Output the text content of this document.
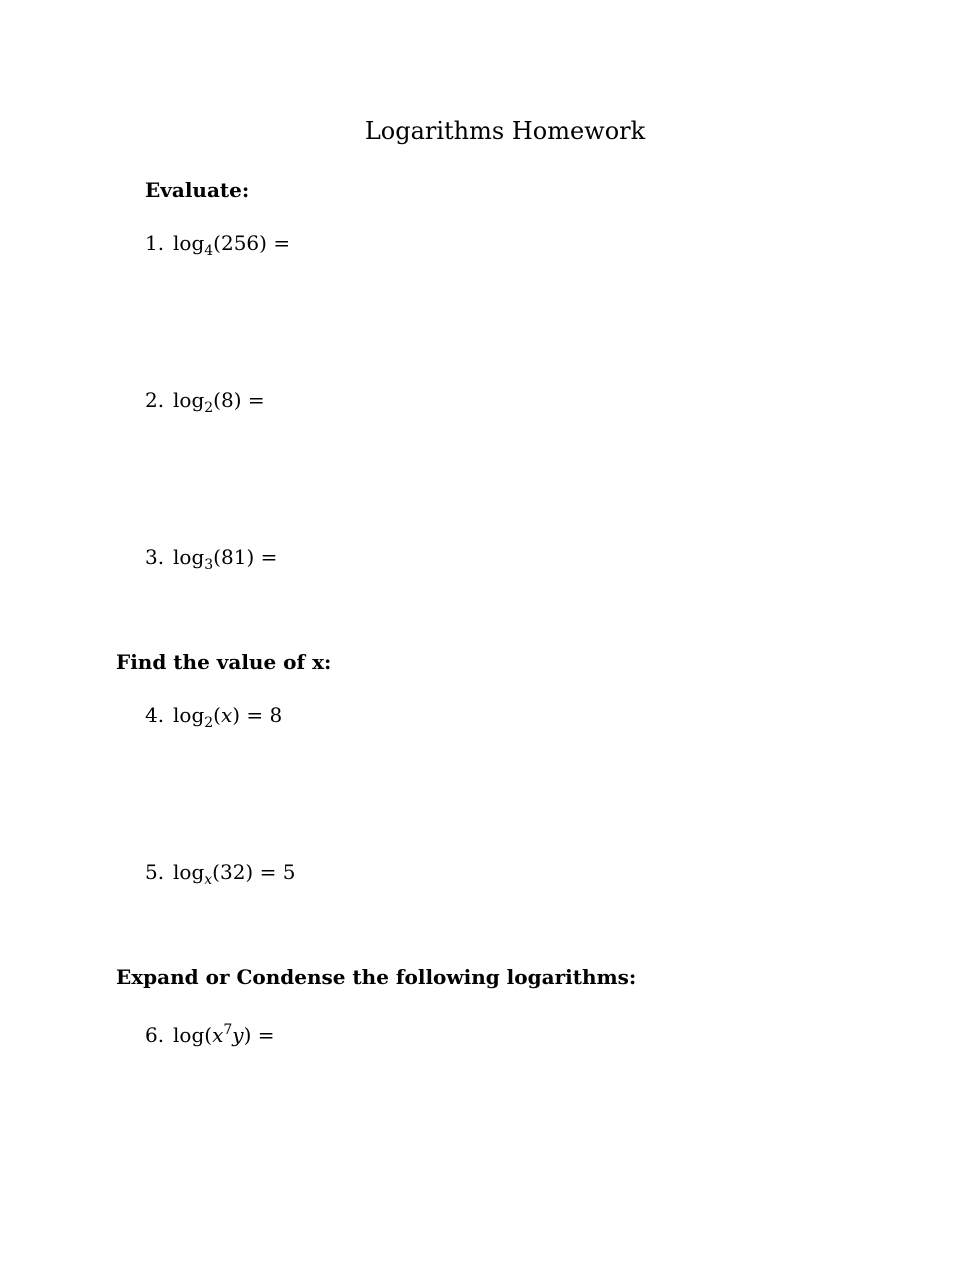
Logarithms Homework
Evaluate:
1. $\log_4(256)$ =
2. $\log_2(8)$ =
3. $\log_3(81)$ =
Find the value of x:
4. $\log_2(x) = 8$
5. $\log_x(32) = 5$
Expand or Condense the following logarithms:
6. $\log(x^7y)$ =
